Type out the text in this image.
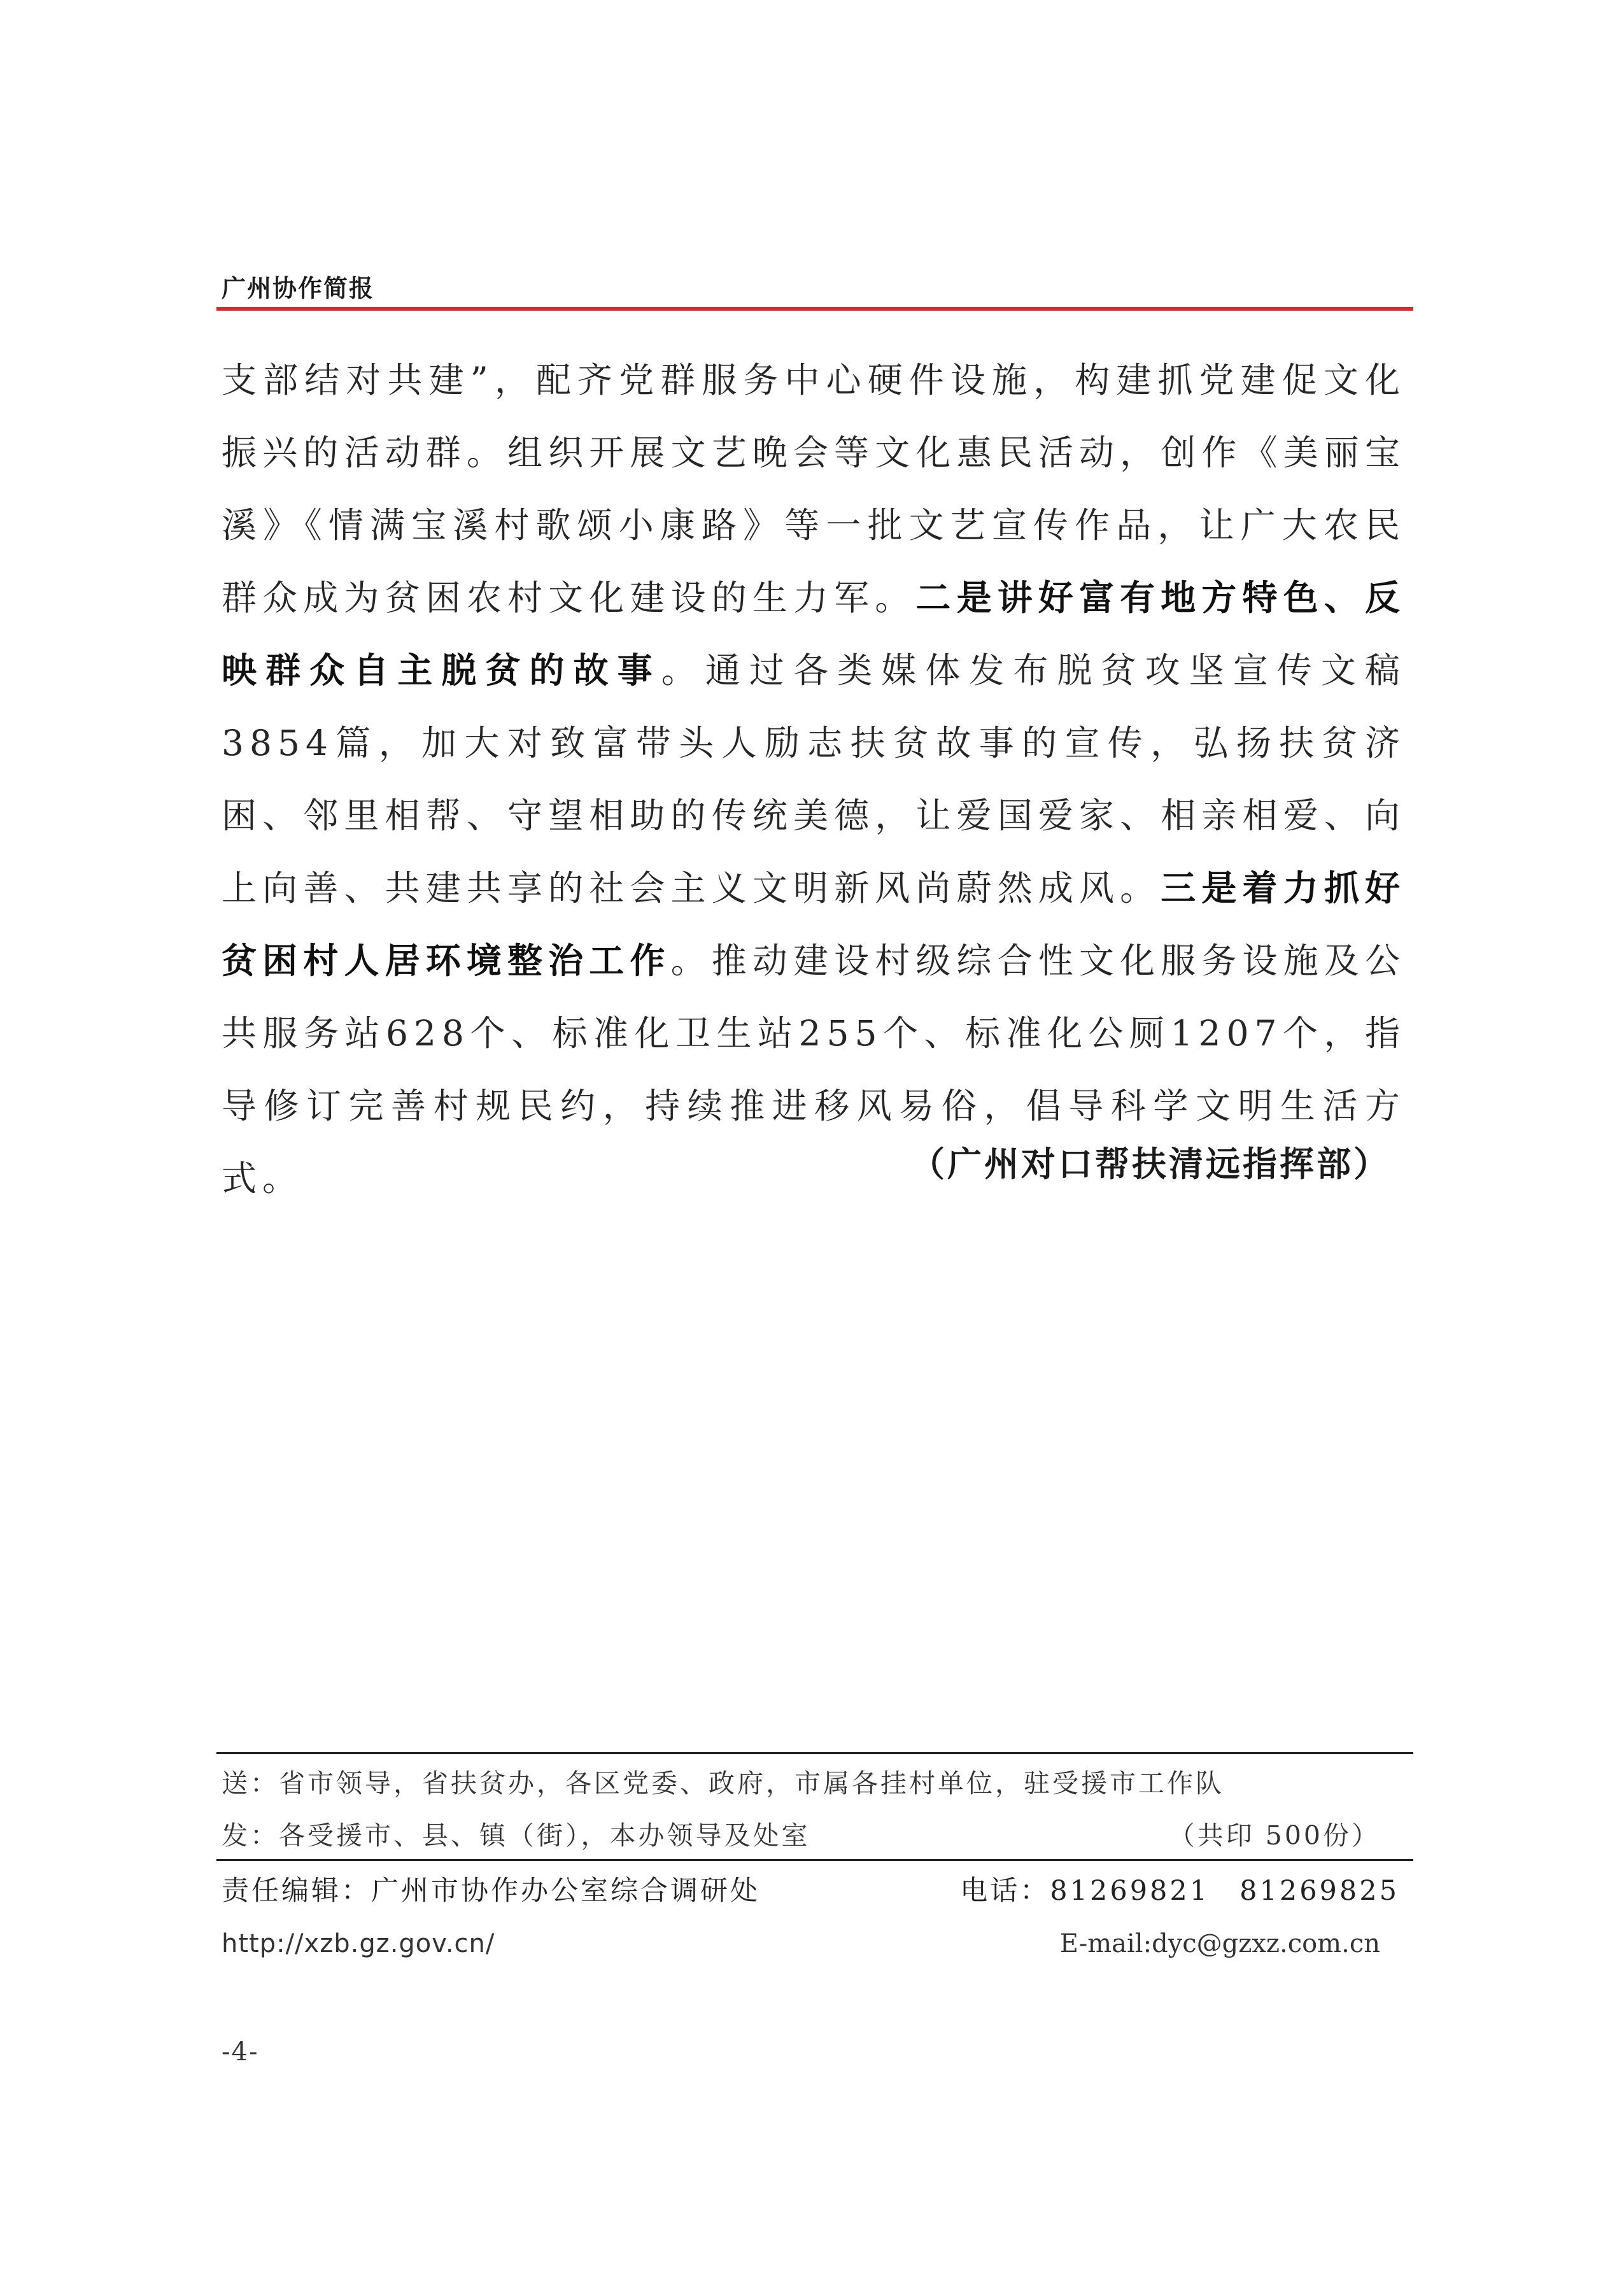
广州协作简报

支部结对共建”，配齐党群服务中心硬件设施，构建抓党建促文化振兴的活动群。组织开展文艺晚会等文化惠民活动，创作《美丽宝溪》《情满宝溪村歌颂小康路》等一批文艺宣传作品，让广大农民群众成为贫困农村文化建设的生力军。二是讲好富有地方特色、反映群众自主脱贫的故事。通过各类媒体发布脱贫攻坚宣传文稿3854篇，加大对致富带头人励志扶贫故事的宣传，弘扬扶贫济困、邻里相帮、守望相助的传统美德，让爱国爱家、相亲相爱、向上向善、共建共享的社会主义文明新风尚蔚然成风。三是着力抓好贫困村人居环境整治工作。推动建设村级综合性文化服务设施及公共服务站628个、标准化卫生站255个、标准化公厕1207个，指导修订完善村规民约，持续推进移风易俗，倡导科学文明生活方式。	（广州对口帮扶清远指挥部）
送：省市领导，省扶贫办，各区党委、政府，市属各挂村单位，驻受援市工作队
发：各受援市、县、镇（街），本办领导及处室	（共印 500份）
责任编辑：广州市协作办公室综合调研处	电话：81269821　81269825
http://xzb.gz.gov.cn/	E-mail:dyc@gzxz.com.cn
-4-
